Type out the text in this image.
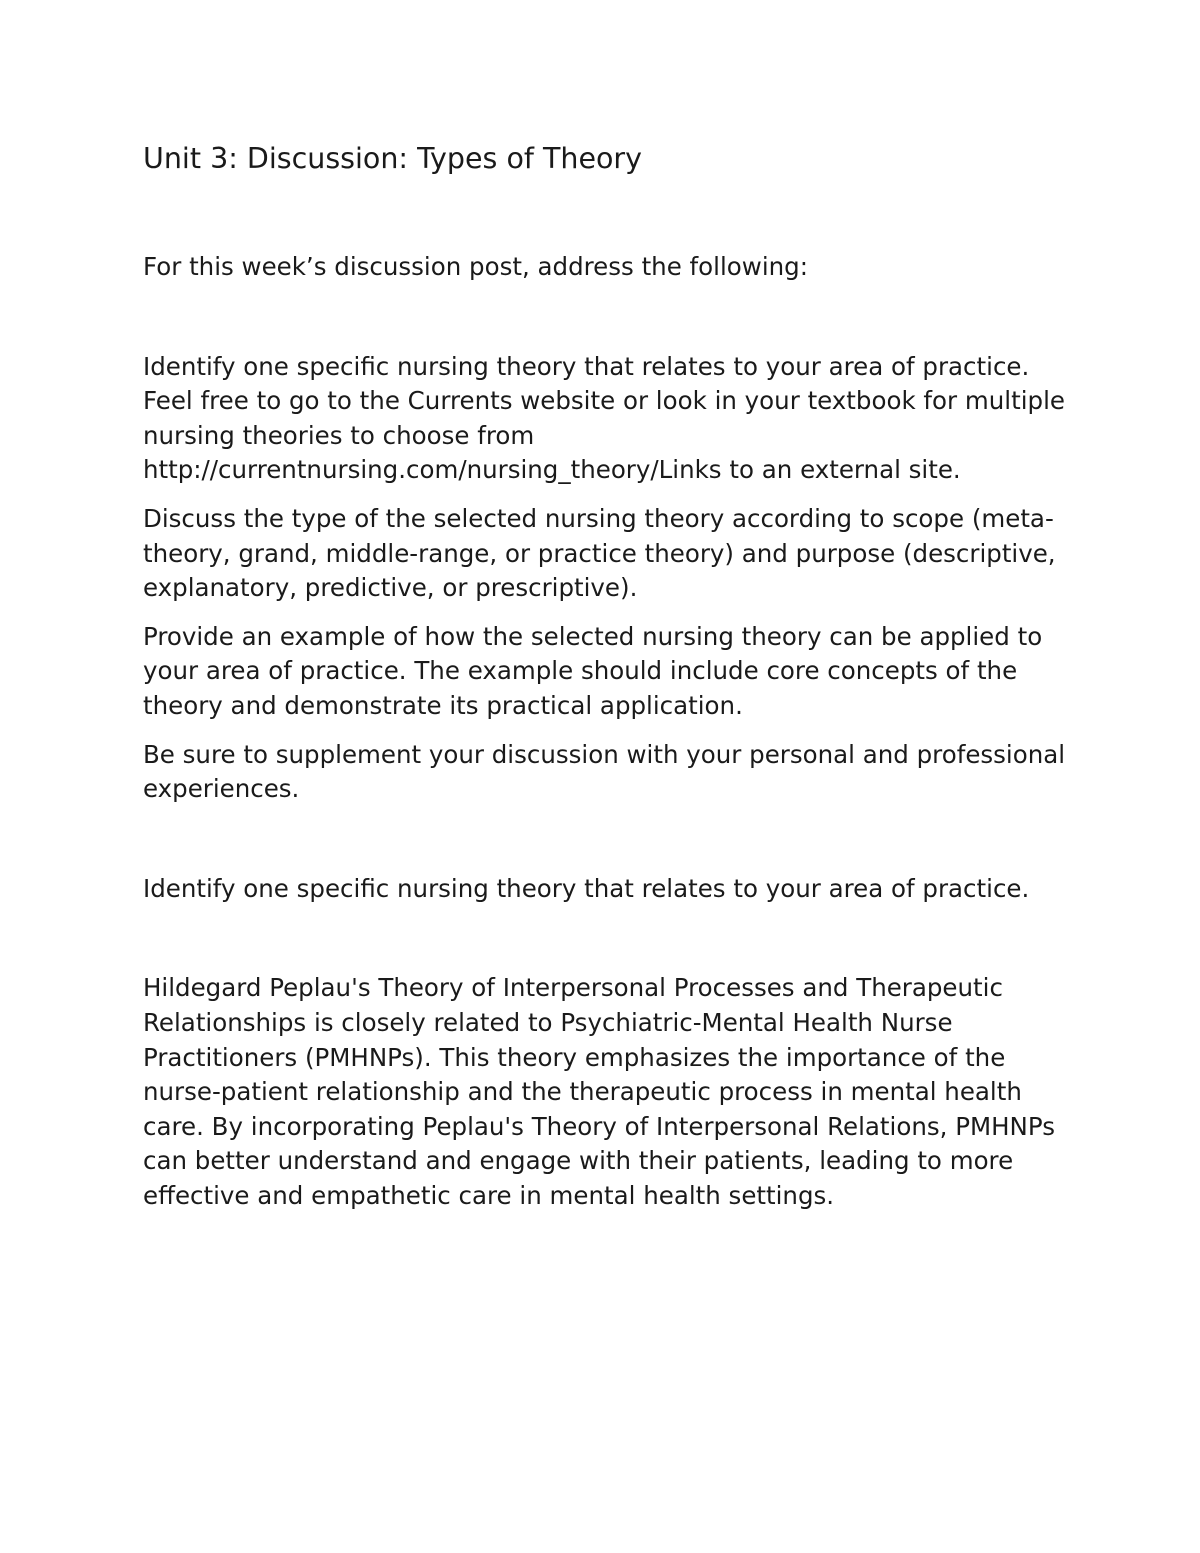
Unit 3: Discussion: Types of Theory

For this week’s discussion post, address the following:

Identify one specific nursing theory that relates to your area of practice. Feel free to go to the Currents website or look in your textbook for multiple nursing theories to choose from http://currentnursing.com/nursing_theory/Links to an external site.

Discuss the type of the selected nursing theory according to scope (meta-theory, grand, middle-range, or practice theory) and purpose (descriptive, explanatory, predictive, or prescriptive).

Provide an example of how the selected nursing theory can be applied to your area of practice. The example should include core concepts of the theory and demonstrate its practical application.

Be sure to supplement your discussion with your personal and professional experiences.

Identify one specific nursing theory that relates to your area of practice.

Hildegard Peplau's Theory of Interpersonal Processes and Therapeutic Relationships is closely related to Psychiatric-Mental Health Nurse Practitioners (PMHNPs). This theory emphasizes the importance of the nurse-patient relationship and the therapeutic process in mental health care. By incorporating Peplau's Theory of Interpersonal Relations, PMHNPs can better understand and engage with their patients, leading to more effective and empathetic care in mental health settings.
